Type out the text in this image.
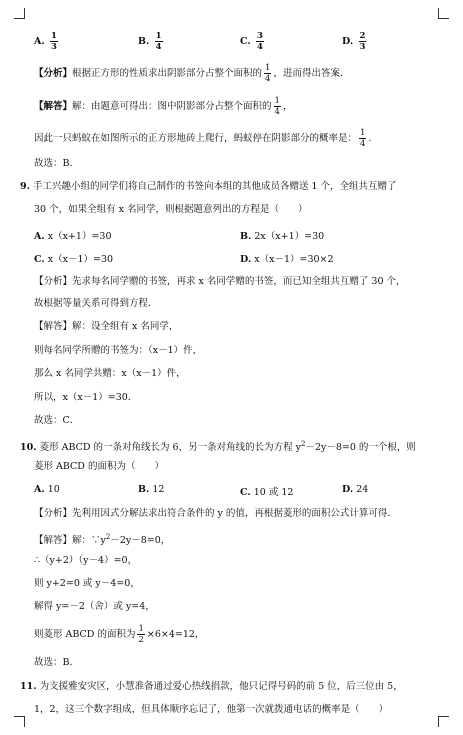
A. $\frac{1}{3}$	B. $\frac{1}{4}$	C. $\frac{3}{4}$	D. $\frac{2}{3}$
【分析】根据正方形的性质求出阴影部分占整个面积的 $\frac{1}{4}$ ，进而得出答案．
【解答】解：由题意可得出：图中阴影部分占整个面积的 $\frac{1}{4}$ ，
因此一只蚂蚁在如图所示的正方形地砖上爬行，蚂蚁停在阴影部分的概率是： $\frac{1}{4}$ ．
故选：B．
9. 手工兴趣小组的同学们将自己制作的书签向本组的其他成员各赠送 1 个，全组共互赠了
30 个，如果全组有 x 名同学，则根据题意列出的方程是（　　）
A. x（x+1）=30	B. 2x（x+1）=30
C. x（x－1）=30	D. x（x－1）=30×2
【分析】先求每名同学赠的书签，再求 x 名同学赠的书签，而已知全组共互赠了 30 个，
故根据等量关系可得到方程．
【解答】解：设全组有 x 名同学，
则每名同学所赠的书签为：（x－1）件，
那么 x 名同学共赠：x（x－1）件，
所以，x（x－1）=30．
故选：C．
10. 菱形 ABCD 的一条对角线长为 6，另一条对角线的长为方程 $y^2-2y-8=0$ 的一个根，则
菱形 ABCD 的面积为（　　）
A. 10	B. 12	C. 10 或 12	D. 24
【分析】先利用因式分解法求出符合条件的 y 的值，再根据菱形的面积公式计算可得．
【解答】解：$\because y^2-2y-8=0$，
∴（y+2）（y－4）=0，
则 y+2=0 或 y－4=0，
解得 y=－2（舍）或 y=4，
则菱形 ABCD 的面积为 $\frac{1}{2} \times 6\times 4=12$，
故选：B．
11. 为支援雅安灾区，小慧准备通过爱心热线捐款，他只记得号码的前 5 位，后三位由 5，
1，2，这三个数字组成，但具体顺序忘记了，他第一次就拨通电话的概率是（　　）
